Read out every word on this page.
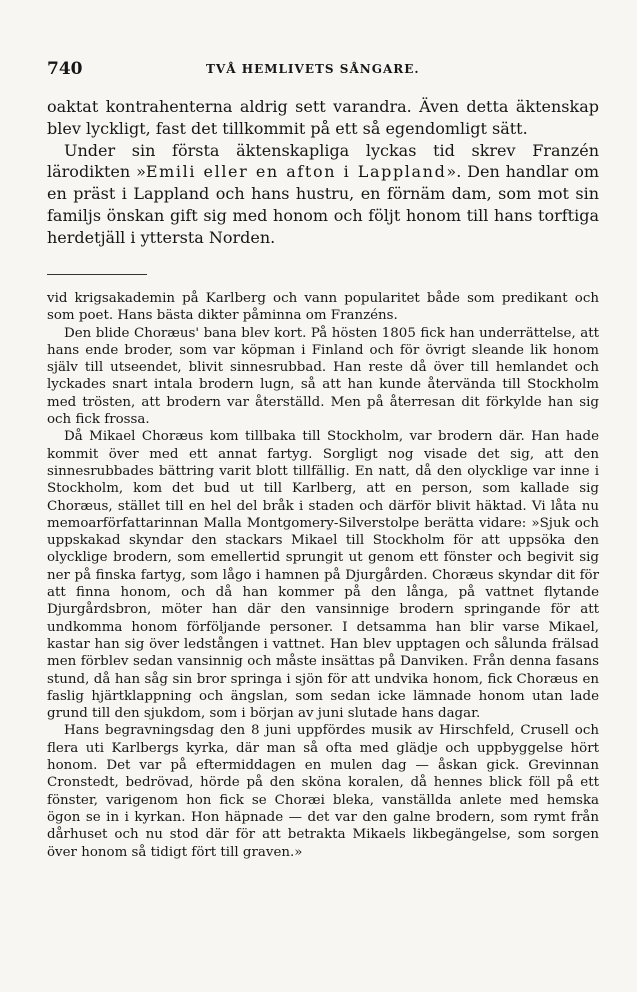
740	TVÅ HEMLIVETS SÅNGARE.

oaktat kontrahenterna aldrig sett varandra. Även detta äktenskap blev lyckligt, fast det tillkommit på ett så egendomligt sätt.

Under sin första äktenskapliga lyckas tid skrev Franzén lärodikten »Emili eller en afton i Lappland». Den handlar om en präst i Lappland och hans hustru, en förnäm dam, som mot sin familjs önskan gift sig med honom och följt honom till hans torftiga herdetjäll i yttersta Norden.

vid krigsakademin på Karlberg och vann popularitet både som predikant och som poet. Hans bästa dikter påminna om Franzéns.

Den blide Choræus' bana blev kort. På hösten 1805 fick han underrättelse, att hans ende broder, som var köpman i Finland och för övrigt sleande lik honom själv till utseendet, blivit sinnesrubbad. Han reste då över till hemlandet och lyckades snart intala brodern lugn, så att han kunde återvända till Stockholm med trösten, att brodern var återställd. Men på återresan dit förkylde han sig och fick frossa.

Då Mikael Choræus kom tillbaka till Stockholm, var brodern där. Han hade kommit över med ett annat fartyg. Sorgligt nog visade det sig, att den sinnesrubbades bättring varit blott tillfällig. En natt, då den olycklige var inne i Stockholm, kom det bud ut till Karlberg, att en person, som kallade sig Choræus, stället till en hel del bråk i staden och därför blivit häktad. Vi låta nu memoarförfattarinnan Malla Montgomery-Silverstolpe berätta vidare: »Sjuk och uppskakad skyndar den stackars Mikael till Stockholm för att uppsöka den olycklige brodern, som emellertid sprungit ut genom ett fönster och begivit sig ner på finska fartyg, som lågo i hamnen på Djurgården. Choræus skyndar dit för att finna honom, och då han kommer på den långa, på vattnet flytande Djurgårdsbron, möter han där den vansinnige brodern springande för att undkomma honom förföljande personer. I detsamma han blir varse Mikael, kastar han sig över ledstången i vattnet. Han blev upptagen och sålunda frälsad men förblev sedan vansinnig och måste insättas på Danviken. Från denna fasans stund, då han såg sin bror springa i sjön för att undvika honom, fick Choræus en faslig hjärtklappning och ängslan, som sedan icke lämnade honom utan lade grund till den sjukdom, som i början av juni slutade hans dagar.

Hans begravningsdag den 8 juni uppfördes musik av Hirschfeld, Crusell och flera uti Karlbergs kyrka, där man så ofta med glädje och uppbyggelse hört honom. Det var på eftermiddagen en mulen dag — åskan gick. Grevinnan Cronstedt, bedrövad, hörde på den sköna koralen, då hennes blick föll på ett fönster, varigenom hon fick se Choræi bleka, vanställda anlete med hemska ögon se in i kyrkan. Hon häpnade — det var den galne brodern, som rymt från dårhuset och nu stod där för att betrakta Mikaels likbegängelse, som sorgen över honom så tidigt fört till graven.»
